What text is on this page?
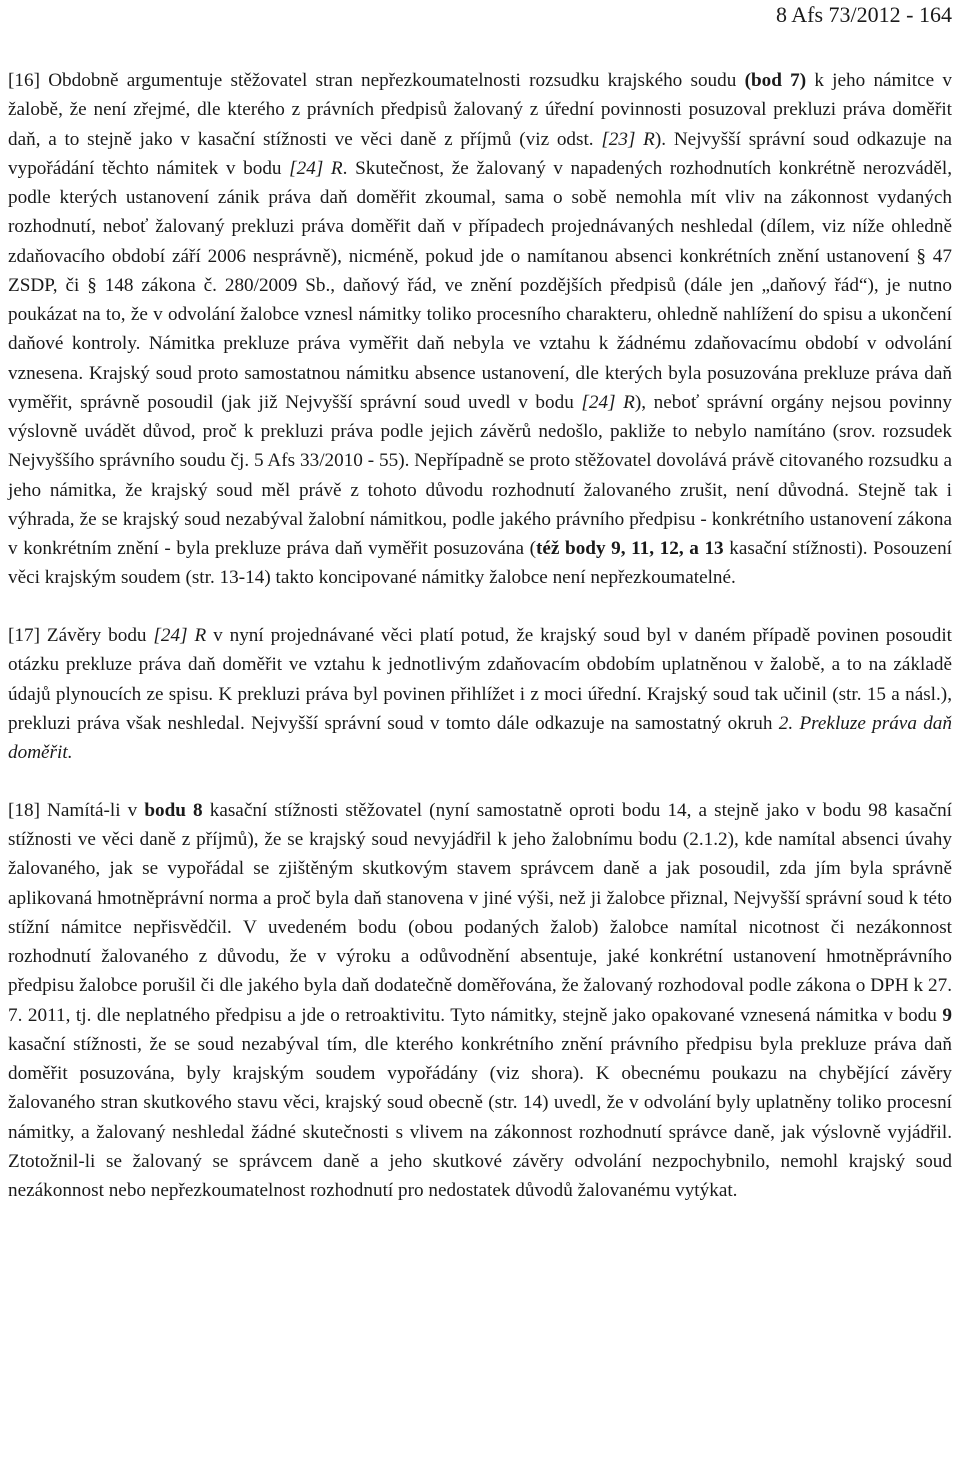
8 Afs 73/2012 - 164

[16] Obdobně argumentuje stěžovatel stran nepřezkoumatelnosti rozsudku krajského soudu (bod 7) k jeho námitce v žalobě, že není zřejmé, dle kterého z právních předpisů žalovaný z úřední povinnosti posuzoval prekluzi práva doměřit daň, a to stejně jako v kasační stížnosti ve věci daně z příjmů (viz odst. [23] R). Nejvyšší správní soud odkazuje na vypořádání těchto námitek v bodu [24] R. Skutečnost, že žalovaný v napadených rozhodnutích konkrétně nerozváděl, podle kterých ustanovení zánik práva daň doměřit zkoumal, sama o sobě nemohla mít vliv na zákonnost vydaných rozhodnutí, neboť žalovaný prekluzi práva doměřit daň v případech projednávaných neshledal (dílem, viz níže ohledně zdaňovacího období září 2006 nesprávně), nicméně, pokud jde o namítanou absenci konkrétních znění ustanovení § 47 ZSDP, či § 148 zákona č. 280/2009 Sb., daňový řád, ve znění pozdějších předpisů (dále jen „daňový řád“), je nutno poukázat na to, že v odvolání žalobce vznesl námitky toliko procesního charakteru, ohledně nahlížení do spisu a ukončení daňové kontroly. Námitka prekluze práva vyměřit daň nebyla ve vztahu k žádnému zdaňovacímu období v odvolání vznesena. Krajský soud proto samostatnou námitku absence ustanovení, dle kterých byla posuzována prekluze práva daň vyměřit, správně posoudil (jak již Nejvyšší správní soud uvedl v bodu [24] R), neboť správní orgány nejsou povinny výslovně uvádět důvod, proč k prekluzi práva podle jejich závěrů nedošlo, pakliže to nebylo namítáno (srov. rozsudek Nejvyššího správního soudu čj. 5 Afs 33/2010 - 55). Nepřípadně se proto stěžovatel dovolává právě citovaného rozsudku a jeho námitka, že krajský soud měl právě z tohoto důvodu rozhodnutí žalovaného zrušit, není důvodná. Stejně tak i výhrada, že se krajský soud nezabýval žalobní námitkou, podle jakého právního předpisu - konkrétního ustanovení zákona v konkrétním znění - byla prekluze práva daň vyměřit posuzována (též body 9, 11, 12, a 13 kasační stížnosti). Posouzení věci krajským soudem (str. 13-14) takto koncipované námitky žalobce není nepřezkoumatelné.

[17] Závěry bodu [24] R v nyní projednávané věci platí potud, že krajský soud byl v daném případě povinen posoudit otázku prekluze práva daň doměřit ve vztahu k jednotlivým zdaňovacím obdobím uplatněnou v žalobě, a to na základě údajů plynoucích ze spisu. K prekluzi práva byl povinen přihlížet i z moci úřední. Krajský soud tak učinil (str. 15 a násl.), prekluzi práva však neshledal. Nejvyšší správní soud v tomto dále odkazuje na samostatný okruh 2. Prekluze práva daň doměřit.

[18] Namítá-li v bodu 8 kasační stížnosti stěžovatel (nyní samostatně oproti bodu 14, a stejně jako v bodu 98 kasační stížnosti ve věci daně z příjmů), že se krajský soud nevyjádřil k jeho žalobnímu bodu (2.1.2), kde namítal absenci úvahy žalovaného, jak se vypořádal se zjištěným skutkovým stavem správcem daně a jak posoudil, zda jím byla správně aplikovaná hmotněprávní norma a proč byla daň stanovena v jiné výši, než ji žalobce přiznal, Nejvyšší správní soud k této stížní námitce nepřisvědčil. V uvedeném bodu (obou podaných žalob) žalobce namítal nicotnost či nezákonnost rozhodnutí žalovaného z důvodu, že v výroku a odůvodnění absentuje, jaké konkrétní ustanovení hmotněprávního předpisu žalobce porušil či dle jakého byla daň dodatečně doměřována, že žalovaný rozhodoval podle zákona o DPH k 27. 7. 2011, tj. dle neplatného předpisu a jde o retroaktivitu. Tyto námitky, stejně jako opakované vznesená námitka v bodu 9 kasační stížnosti, že se soud nezabýval tím, dle kterého konkrétního znění právního předpisu byla prekluze práva daň doměřit posuzována, byly krajským soudem vypořádány (viz shora). K obecnému poukazu na chybějící závěry žalovaného stran skutkového stavu věci, krajský soud obecně (str. 14) uvedl, že v odvolání byly uplatněny toliko procesní námitky, a žalovaný neshledal žádné skutečnosti s vlivem na zákonnost rozhodnutí správce daně, jak výslovně vyjádřil. Ztotožnil-li se žalovaný se správcem daně a jeho skutkové závěry odvolání nezpochybnilo, nemohl krajský soud nezákonnost nebo nepřezkoumatelnost rozhodnutí pro nedostatek důvodů žalovanému vytýkat.
